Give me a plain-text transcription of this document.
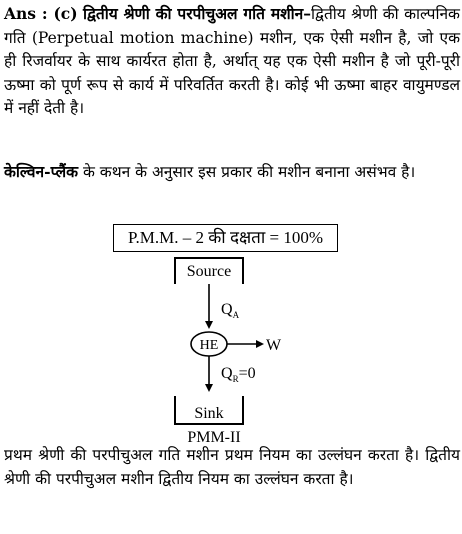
Ans : (c) द्वितीय श्रेणी की परपीचुअल गति मशीन–द्वितीय श्रेणी की काल्पनिक गति (Perpetual motion machine) मशीन, एक ऐसी मशीन है, जो एक ही रिजर्वायर के साथ कार्यरत होता है, अर्थात् यह एक ऐसी मशीन है जो पूरी-पूरी ऊष्मा को पूर्ण रूप से कार्य में परिवर्तित करती है। कोई भी ऊष्मा बाहर वायुमण्डल में नहीं देती है।

केल्विन-प्लैंक के कथन के अनुसार इस प्रकार की मशीन बनाना असंभव है।

P.M.M. – 2 की दक्षता = 100%
Source
$Q_A$
HE	W
$Q_R=0$
Sink
PMM-II

प्रथम श्रेणी की परपीचुअल गति मशीन प्रथम नियम का उल्लंघन करता है। द्वितीय श्रेणी की परपीचुअल मशीन द्वितीय नियम का उल्लंघन करता है।
